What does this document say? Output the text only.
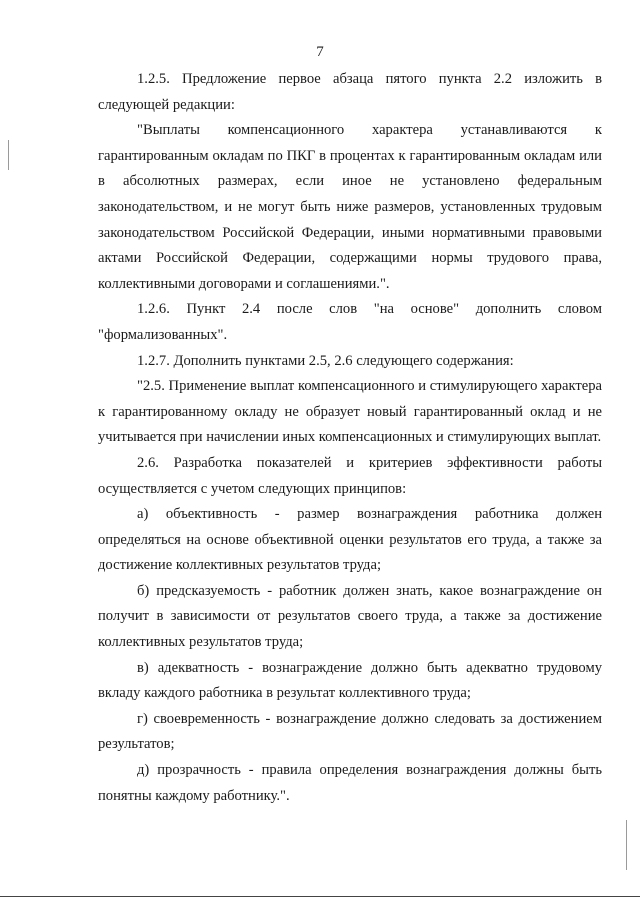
7

1.2.5. Предложение первое абзаца пятого пункта 2.2 изложить в следующей редакции:

"Выплаты компенсационного характера устанавливаются к гарантированным окладам по ПКГ в процентах к гарантированным окладам или в абсолютных размерах, если иное не установлено федеральным законодательством, и не могут быть ниже размеров, установленных трудовым законодательством Российской Федерации, иными нормативными правовыми актами Российской Федерации, содержащими нормы трудового права, коллективными договорами и соглашениями.".

1.2.6. Пункт 2.4 после слов "на основе" дополнить словом "формализованных".

1.2.7. Дополнить пунктами 2.5, 2.6 следующего содержания:

"2.5. Применение выплат компенсационного и стимулирующего характера к гарантированному окладу не образует новый гарантированный оклад и не учитывается при начислении иных компенсационных и стимулирующих выплат.

2.6. Разработка показателей и критериев эффективности работы осуществляется с учетом следующих принципов:

а) объективность - размер вознаграждения работника должен определяться на основе объективной оценки результатов его труда, а также за достижение коллективных результатов труда;

б) предсказуемость - работник должен знать, какое вознаграждение он получит в зависимости от результатов своего труда, а также за достижение коллективных результатов труда;

в) адекватность - вознаграждение должно быть адекватно трудовому вкладу каждого работника в результат коллективного труда;

г) своевременность - вознаграждение должно следовать за достижением результатов;

д) прозрачность - правила определения вознаграждения должны быть понятны каждому работнику.".
